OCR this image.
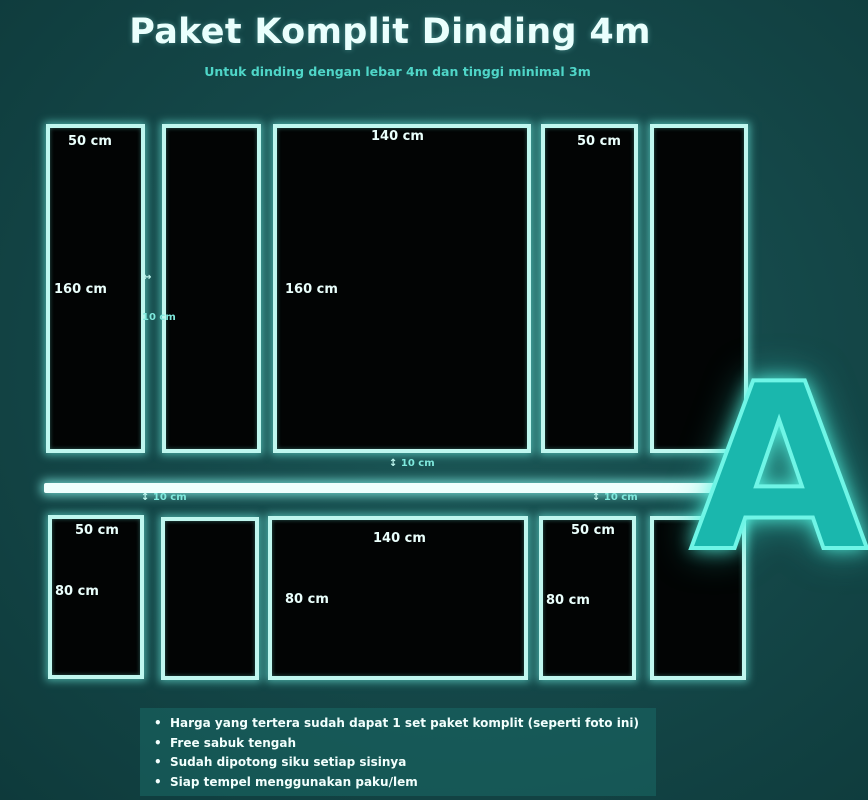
Paket Komplit Dinding 4m
Untuk dinding dengan lebar 4m dan tinggi minimal 3m
50 cm
160 cm
140 cm
160 cm
50 cm
↔
10 cm
↕ 10 cm
↕ 10 cm	↕ 10 cm
50 cm
80 cm
140 cm
80 cm
50 cm
80 cm A
• Harga yang tertera sudah dapat 1 set paket komplit (seperti foto ini)
• Free sabuk tengah
• Sudah dipotong siku setiap sisinya
• Siap tempel menggunakan paku/lem
